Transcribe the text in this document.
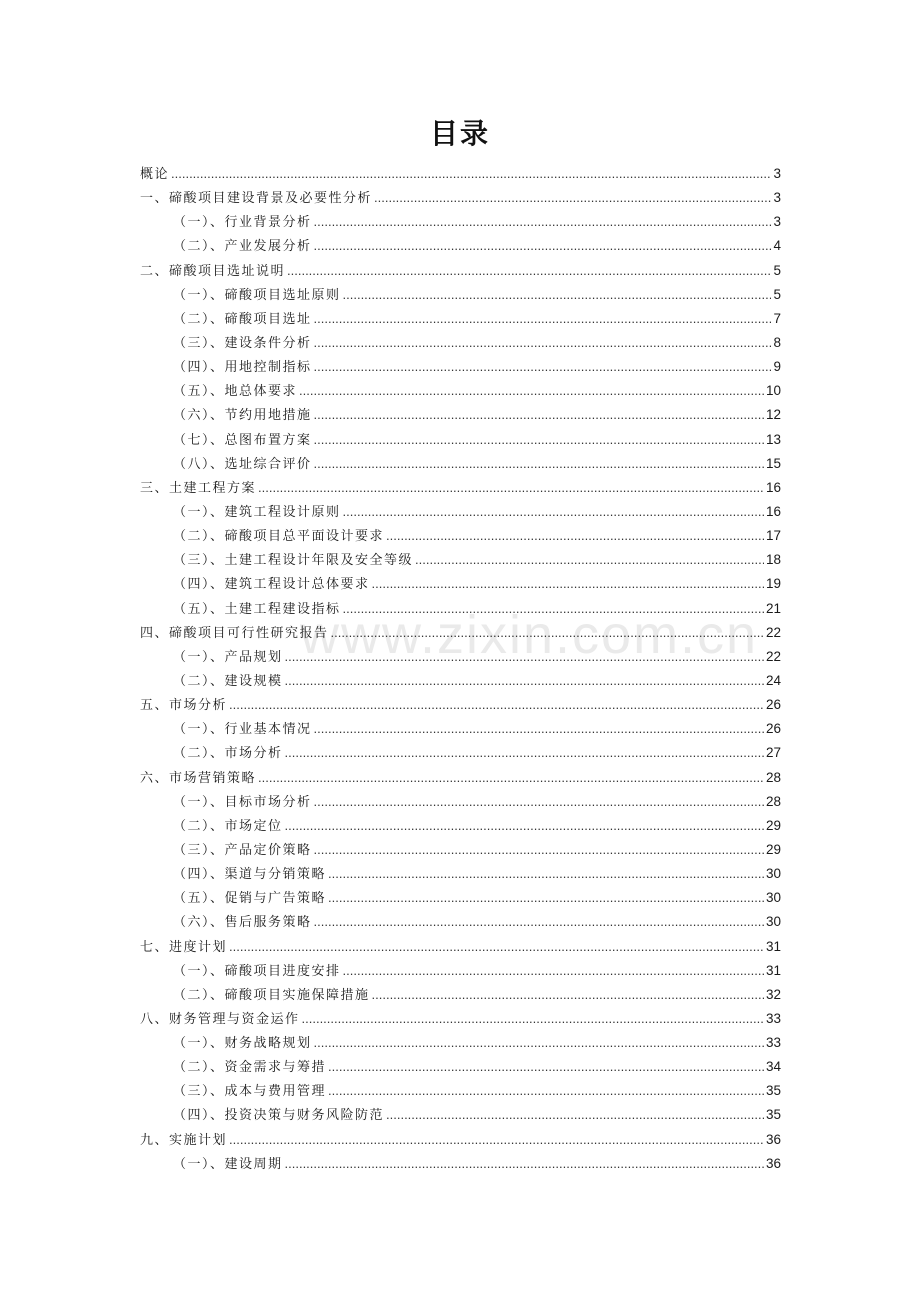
目录
www.zixin.com.cn
概论 .....	3
一、碲酸项目建设背景及必要性分析 .....	3
（一）、行业背景分析 .....	3
（二）、产业发展分析 .....	4
二、碲酸项目选址说明 .....	5
（一）、碲酸项目选址原则 .....	5
（二）、碲酸项目选址 .....	7
（三）、建设条件分析 .....	8
（四）、用地控制指标 .....	9
（五）、地总体要求 .....	10
（六）、节约用地措施 .....	12
（七）、总图布置方案 .....	13
（八）、选址综合评价 .....	15
三、土建工程方案 .....	16
（一）、建筑工程设计原则 .....	16
（二）、碲酸项目总平面设计要求 .....	17
（三）、土建工程设计年限及安全等级 .....	18
（四）、建筑工程设计总体要求 .....	19
（五）、土建工程建设指标 .....	21
四、碲酸项目可行性研究报告 .....	22
（一）、产品规划 .....	22
（二）、建设规模 .....	24
五、市场分析 .....	26
（一）、行业基本情况 .....	26
（二）、市场分析 .....	27
六、市场营销策略 .....	28
（一）、目标市场分析 .....	28
（二）、市场定位 .....	29
（三）、产品定价策略 .....	29
（四）、渠道与分销策略 .....	30
（五）、促销与广告策略 .....	30
（六）、售后服务策略 .....	30
七、进度计划 .....	31
（一）、碲酸项目进度安排 .....	31
（二）、碲酸项目实施保障措施 .....	32
八、财务管理与资金运作 .....	33
（一）、财务战略规划 .....	33
（二）、资金需求与筹措 .....	34
（三）、成本与费用管理 .....	35
（四）、投资决策与财务风险防范 .....	35
九、实施计划 .....	36
（一）、建设周期 .....	36
